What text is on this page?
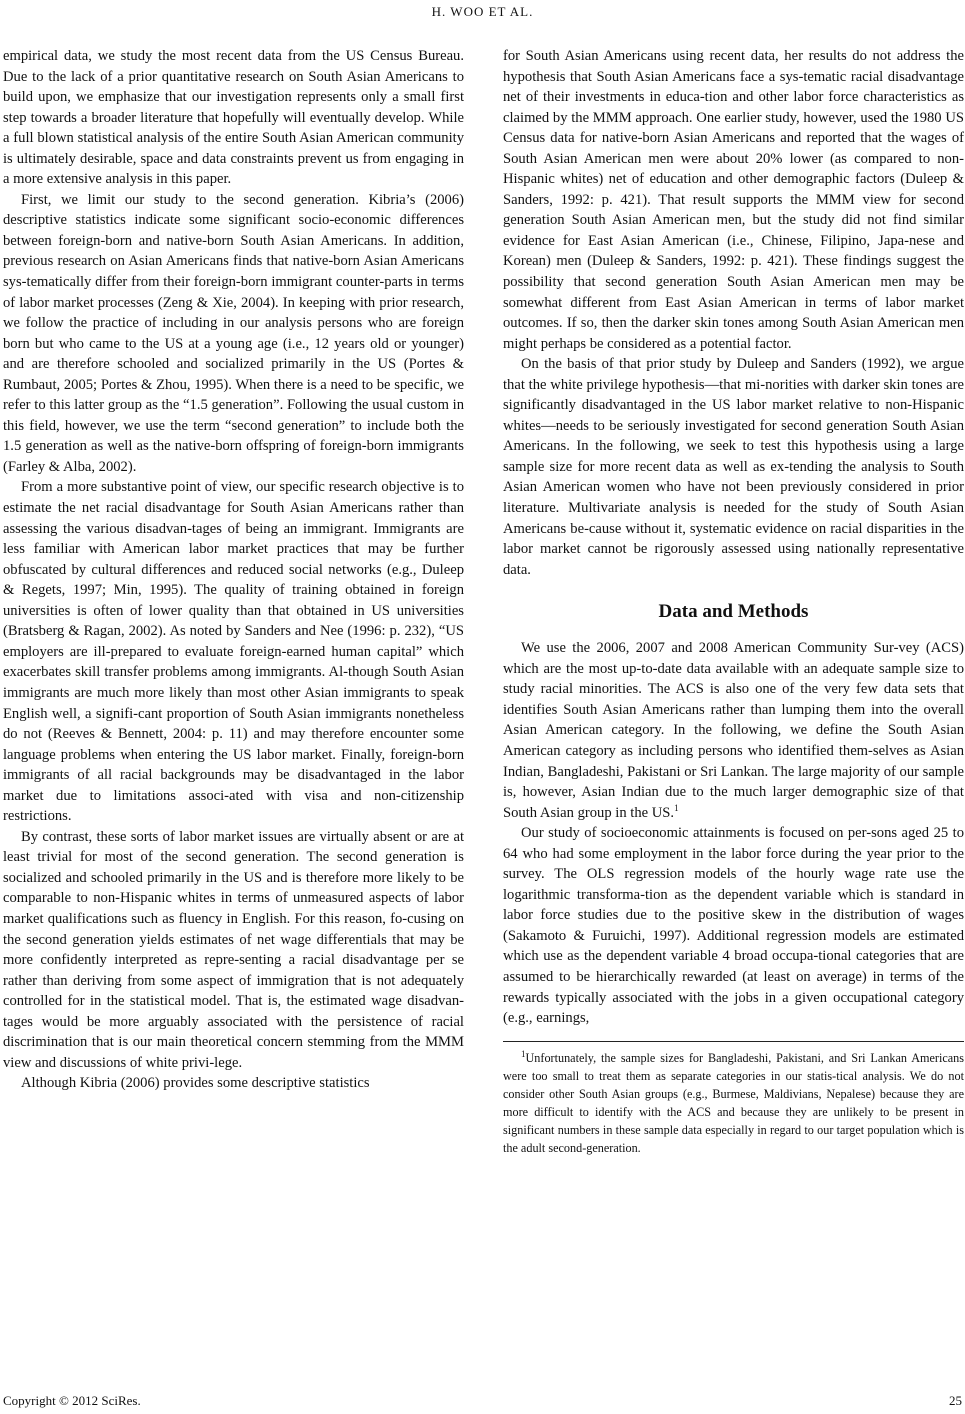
H. WOO ET AL.

empirical data, we study the most recent data from the US Census Bureau. Due to the lack of a prior quantitative research on South Asian Americans to build upon, we emphasize that our investigation represents only a small first step towards a broader literature that hopefully will eventually develop. While a full blown statistical analysis of the entire South Asian American community is ultimately desirable, space and data constraints prevent us from engaging in a more extensive analysis in this paper.

First, we limit our study to the second generation. Kibria’s (2006) descriptive statistics indicate some significant socio-economic differences between foreign-born and native-born South Asian Americans. In addition, previous research on Asian Americans finds that native-born Asian Americans sys-tematically differ from their foreign-born immigrant counter-parts in terms of labor market processes (Zeng & Xie, 2004). In keeping with prior research, we follow the practice of including in our analysis persons who are foreign born but who came to the US at a young age (i.e., 12 years old or younger) and are therefore schooled and socialized primarily in the US (Portes & Rumbaut, 2005; Portes & Zhou, 1995). When there is a need to be specific, we refer to this latter group as the “1.5 generation”. Following the usual custom in this field, however, we use the term “second generation” to include both the 1.5 generation as well as the native-born offspring of foreign-born immigrants (Farley & Alba, 2002).

From a more substantive point of view, our specific research objective is to estimate the net racial disadvantage for South Asian Americans rather than assessing the various disadvan-tages of being an immigrant. Immigrants are less familiar with American labor market practices that may be further obfuscated by cultural differences and reduced social networks (e.g., Duleep & Regets, 1997; Min, 1995). The quality of training obtained in foreign universities is often of lower quality than that obtained in US universities (Bratsberg & Ragan, 2002). As noted by Sanders and Nee (1996: p. 232), “US employers are ill-prepared to evaluate foreign-earned human capital” which exacerbates skill transfer problems among immigrants. Al-though South Asian immigrants are much more likely than most other Asian immigrants to speak English well, a signifi-cant proportion of South Asian immigrants nonetheless do not (Reeves & Bennett, 2004: p. 11) and may therefore encounter some language problems when entering the US labor market. Finally, foreign-born immigrants of all racial backgrounds may be disadvantaged in the labor market due to limitations associ-ated with visa and non-citizenship restrictions.

By contrast, these sorts of labor market issues are virtually absent or are at least trivial for most of the second generation. The second generation is socialized and schooled primarily in the US and is therefore more likely to be comparable to non-Hispanic whites in terms of unmeasured aspects of labor market qualifications such as fluency in English. For this reason, fo-cusing on the second generation yields estimates of net wage differentials that may be more confidently interpreted as repre-senting a racial disadvantage per se rather than deriving from some aspect of immigration that is not adequately controlled for in the statistical model. That is, the estimated wage disadvan-tages would be more arguably associated with the persistence of racial discrimination that is our main theoretical concern stemming from the MMM view and discussions of white privi-lege.

Although Kibria (2006) provides some descriptive statistics

for South Asian Americans using recent data, her results do not address the hypothesis that South Asian Americans face a sys-tematic racial disadvantage net of their investments in educa-tion and other labor force characteristics as claimed by the MMM approach. One earlier study, however, used the 1980 US Census data for native-born Asian Americans and reported that the wages of South Asian American men were about 20% lower (as compared to non-Hispanic whites) net of education and other demographic factors (Duleep & Sanders, 1992: p. 421). That result supports the MMM view for second generation South Asian American men, but the study did not find similar evidence for East Asian American (i.e., Chinese, Filipino, Japa-nese and Korean) men (Duleep & Sanders, 1992: p. 421). These findings suggest the possibility that second generation South Asian American men may be somewhat different from East Asian American in terms of labor market outcomes. If so, then the darker skin tones among South Asian American men might perhaps be considered as a potential factor.

On the basis of that prior study by Duleep and Sanders (1992), we argue that the white privilege hypothesis—that mi-norities with darker skin tones are significantly disadvantaged in the US labor market relative to non-Hispanic whites—needs to be seriously investigated for second generation South Asian Americans. In the following, we seek to test this hypothesis using a large sample size for more recent data as well as ex-tending the analysis to South Asian American women who have not been previously considered in prior literature. Multivariate analysis is needed for the study of South Asian Americans be-cause without it, systematic evidence on racial disparities in the labor market cannot be rigorously assessed using nationally representative data.

Data and Methods

We use the 2006, 2007 and 2008 American Community Sur-vey (ACS) which are the most up-to-date data available with an adequate sample size to study racial minorities. The ACS is also one of the very few data sets that identifies South Asian Americans rather than lumping them into the overall Asian American category. In the following, we define the South Asian American category as including persons who identified them-selves as Asian Indian, Bangladeshi, Pakistani or Sri Lankan. The large majority of our sample is, however, Asian Indian due to the much larger demographic size of that South Asian group in the US.$^1$

Our study of socioeconomic attainments is focused on per-sons aged 25 to 64 who had some employment in the labor force during the year prior to the survey. The OLS regression models of the hourly wage rate use the logarithmic transforma-tion as the dependent variable which is standard in labor force studies due to the positive skew in the distribution of wages (Sakamoto & Furuichi, 1997). Additional regression models are estimated which use as the dependent variable 4 broad occupa-tional categories that are assumed to be hierarchically rewarded (at least on average) in terms of the rewards typically associated with the jobs in a given occupational category (e.g., earnings,

$^1$Unfortunately, the sample sizes for Bangladeshi, Pakistani, and Sri Lankan Americans were too small to treat them as separate categories in our statis-tical analysis. We do not consider other South Asian groups (e.g., Burmese, Maldivians, Nepalese) because they are more difficult to identify with the ACS and because they are unlikely to be present in significant numbers in these sample data especially in regard to our target population which is the adult second-generation.

Copyright © 2012 SciRes.	25
